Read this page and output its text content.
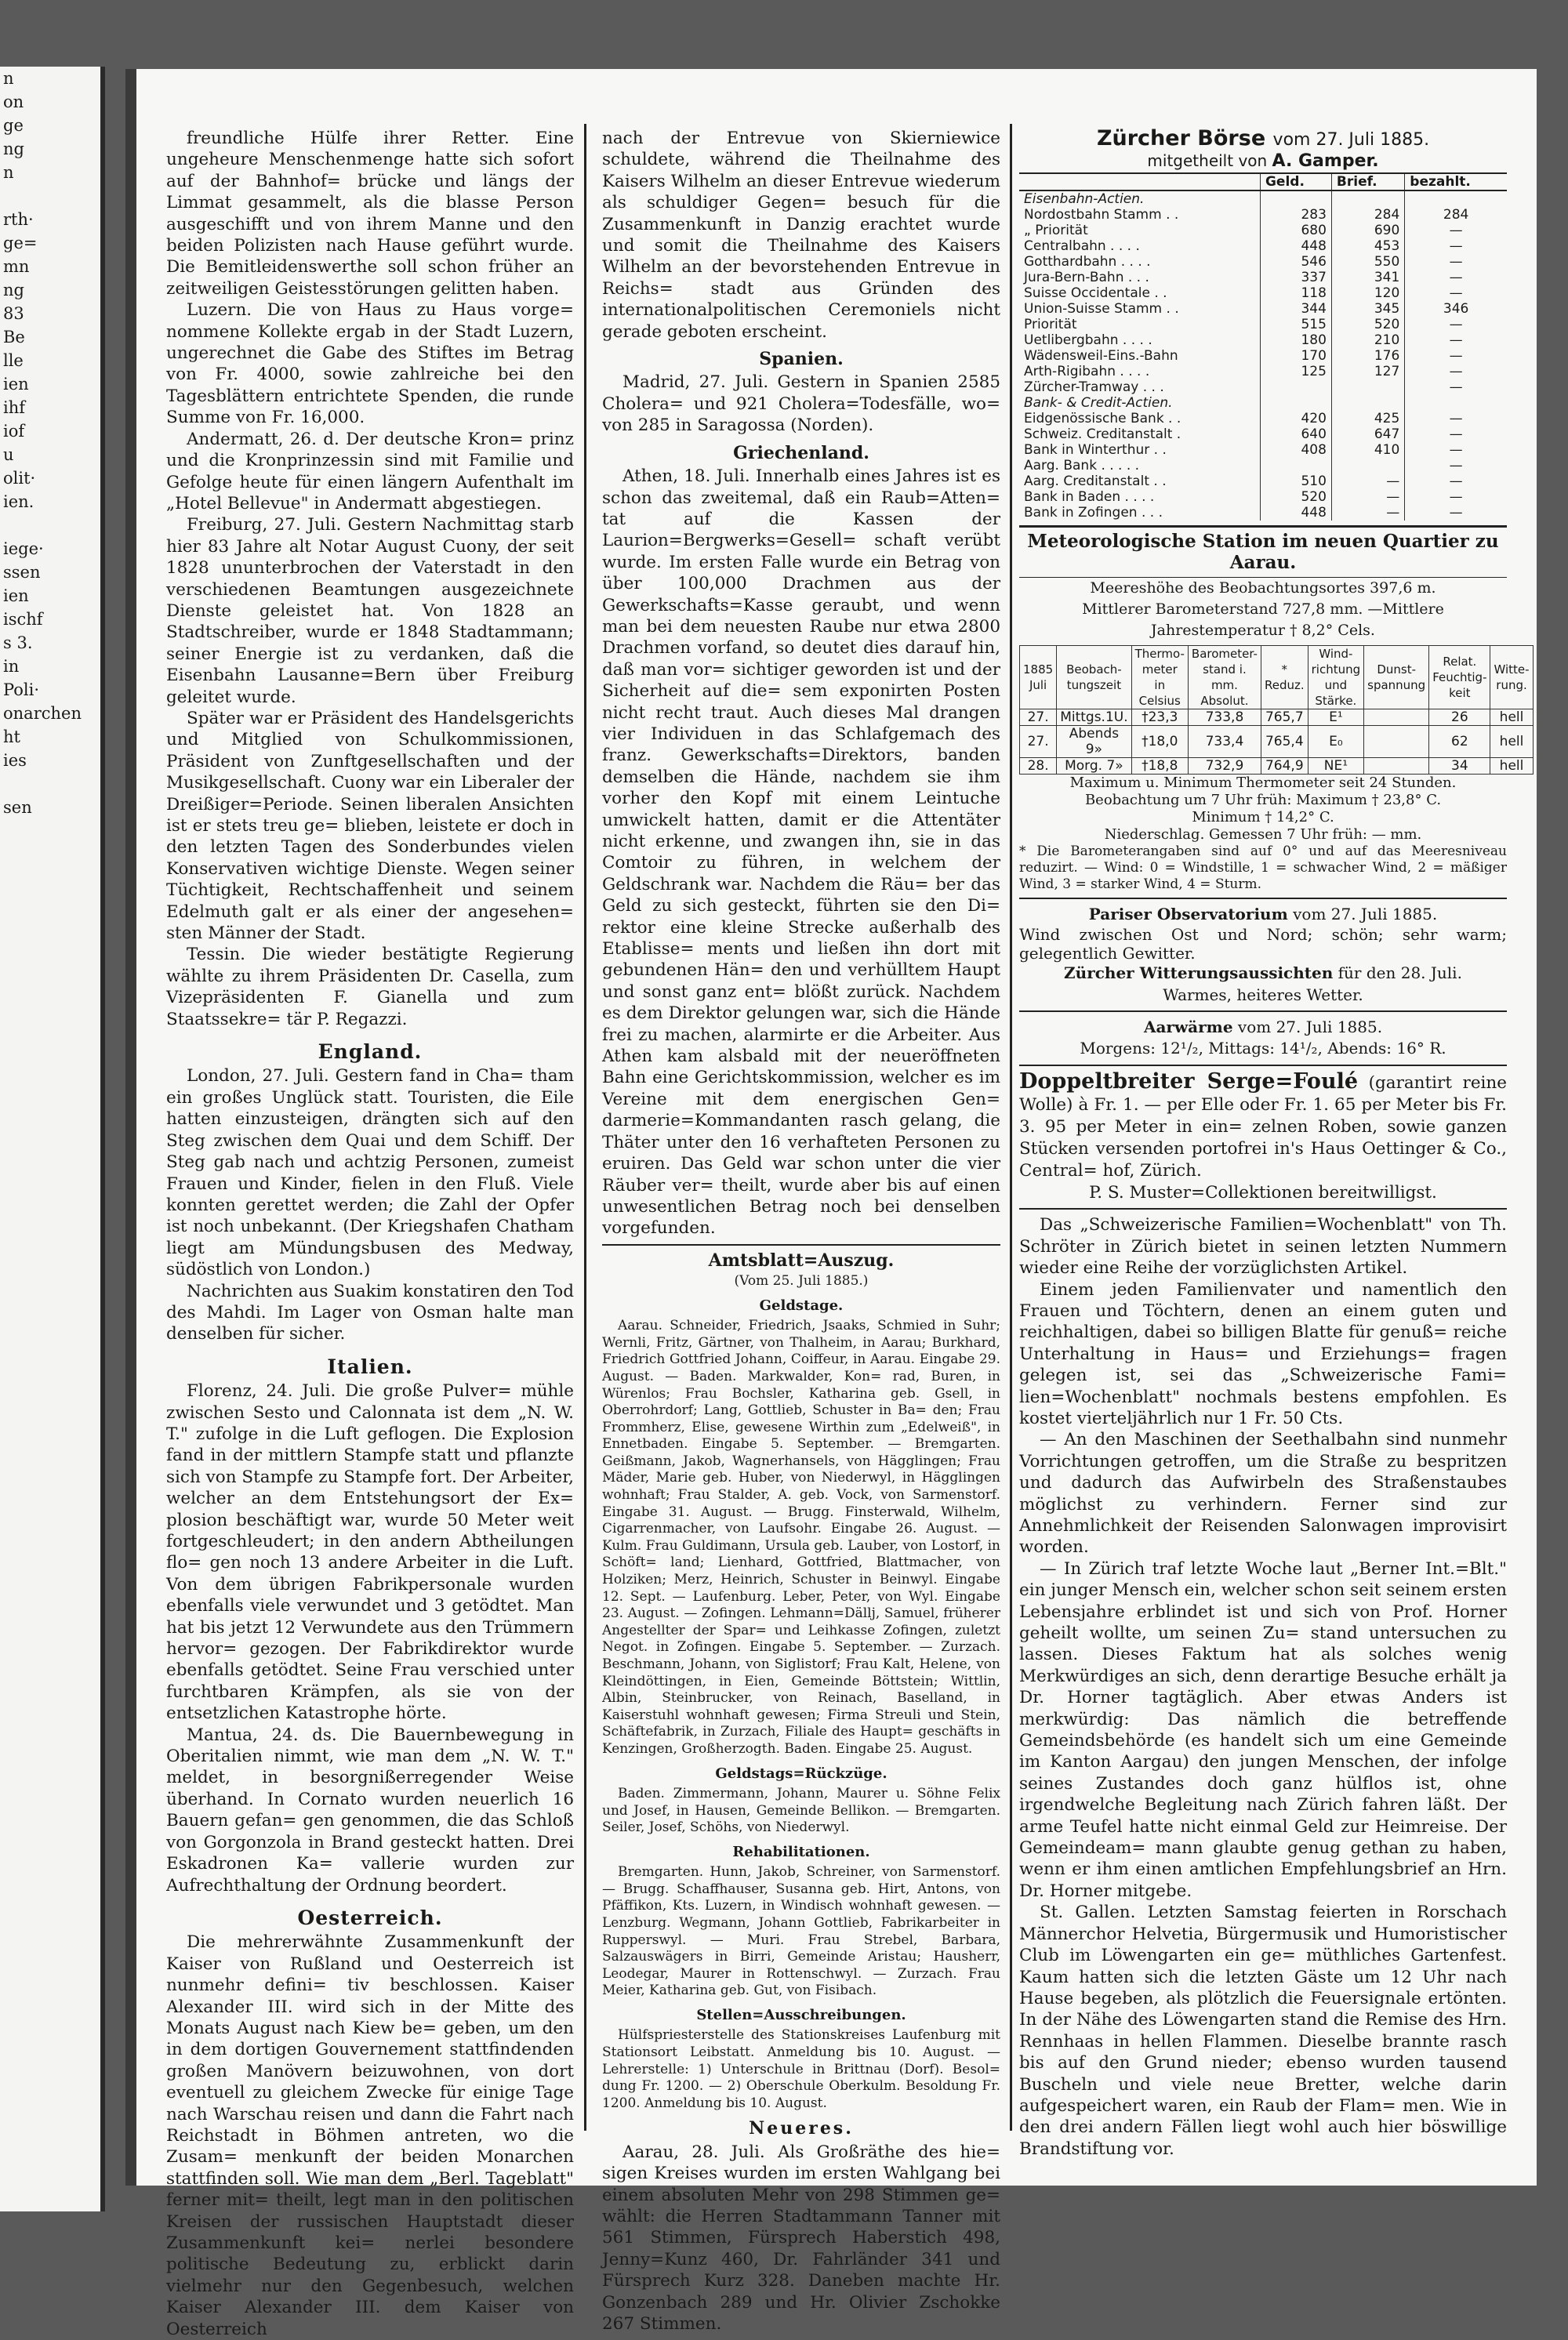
n
on
ge
ng
n

rth·
ge=
mn
ng
83
Be
lle
ien
ihf
iof
u
olit·
ien.

iege·
ssen
ien
ischf
s 3.
in
Poli·
onarchen
ht
ies

sen

freundliche Hülfe ihrer Retter. Eine ungeheure Menschenmenge hatte sich sofort auf der Bahnhof= brücke und längs der Limmat gesammelt, als die blasse Person ausgeschifft und von ihrem Manne und den beiden Polizisten nach Hause geführt wurde. Die Bemitleidenswerthe soll schon früher an zeitweiligen Geistesstörungen gelitten haben.

Luzern. Die von Haus zu Haus vorge= nommene Kollekte ergab in der Stadt Luzern, ungerechnet die Gabe des Stiftes im Betrag von Fr. 4000, sowie zahlreiche bei den Tagesblättern entrichtete Spenden, die runde Summe von Fr. 16,000.

Andermatt, 26. d. Der deutsche Kron= prinz und die Kronprinzessin sind mit Familie und Gefolge heute für einen längern Aufenthalt im „Hotel Bellevue" in Andermatt abgestiegen.

Freiburg, 27. Juli. Gestern Nachmittag starb hier 83 Jahre alt Notar August Cuony, der seit 1828 ununterbrochen der Vaterstadt in den verschiedenen Beamtungen ausgezeichnete Dienste geleistet hat. Von 1828 an Stadtschreiber, wurde er 1848 Stadtammann; seiner Energie ist zu verdanken, daß die Eisenbahn Lausanne=Bern über Freiburg geleitet wurde.

Später war er Präsident des Handelsgerichts und Mitglied von Schulkommissionen, Präsident von Zunftgesellschaften und der Musikgesellschaft. Cuony war ein Liberaler der Dreißiger=Periode. Seinen liberalen Ansichten ist er stets treu ge= blieben, leistete er doch in den letzten Tagen des Sonderbundes vielen Konservativen wichtige Dienste. Wegen seiner Tüchtigkeit, Rechtschaffenheit und seinem Edelmuth galt er als einer der angesehen= sten Männer der Stadt.

Tessin. Die wieder bestätigte Regierung wählte zu ihrem Präsidenten Dr. Casella, zum Vizepräsidenten F. Gianella und zum Staatssekre= tär P. Regazzi.

England.

London, 27. Juli. Gestern fand in Cha= tham ein großes Unglück statt. Touristen, die Eile hatten einzusteigen, drängten sich auf den Steg zwischen dem Quai und dem Schiff. Der Steg gab nach und achtzig Personen, zumeist Frauen und Kinder, fielen in den Fluß. Viele konnten gerettet werden; die Zahl der Opfer ist noch unbekannt. (Der Kriegshafen Chatham liegt am Mündungsbusen des Medway, südöstlich von London.)

Nachrichten aus Suakim konstatiren den Tod des Mahdi. Im Lager von Osman halte man denselben für sicher.

Italien.

Florenz, 24. Juli. Die große Pulver= mühle zwischen Sesto und Calonnata ist dem „N. W. T." zufolge in die Luft geflogen. Die Explosion fand in der mittlern Stampfe statt und pflanzte sich von Stampfe zu Stampfe fort. Der Arbeiter, welcher an dem Entstehungsort der Ex= plosion beschäftigt war, wurde 50 Meter weit fortgeschleudert; in den andern Abtheilungen flo= gen noch 13 andere Arbeiter in die Luft. Von dem übrigen Fabrikpersonale wurden ebenfalls viele verwundet und 3 getödtet. Man hat bis jetzt 12 Verwundete aus den Trümmern hervor= gezogen. Der Fabrikdirektor wurde ebenfalls getödtet. Seine Frau verschied unter furchtbaren Krämpfen, als sie von der entsetzlichen Katastrophe hörte.

Mantua, 24. ds. Die Bauernbewegung in Oberitalien nimmt, wie man dem „N. W. T." meldet, in besorgnißerregender Weise überhand. In Cornato wurden neuerlich 16 Bauern gefan= gen genommen, die das Schloß von Gorgonzola in Brand gesteckt hatten. Drei Eskadronen Ka= vallerie wurden zur Aufrechthaltung der Ordnung beordert.

Oesterreich.

Die mehrerwähnte Zusammenkunft der Kaiser von Rußland und Oesterreich ist nunmehr defini= tiv beschlossen. Kaiser Alexander III. wird sich in der Mitte des Monats August nach Kiew be= geben, um den in dem dortigen Gouvernement stattfindenden großen Manövern beizuwohnen, von dort eventuell zu gleichem Zwecke für einige Tage nach Warschau reisen und dann die Fahrt nach Reichstadt in Böhmen antreten, wo die Zusam= menkunft der beiden Monarchen stattfinden soll. Wie man dem „Berl. Tageblatt" ferner mit= theilt, legt man in den politischen Kreisen der russischen Hauptstadt dieser Zusammenkunft kei= nerlei besondere politische Bedeutung zu, erblickt darin vielmehr nur den Gegenbesuch, welchen Kaiser Alexander III. dem Kaiser von Oesterreich

nach der Entrevue von Skierniewice schuldete, während die Theilnahme des Kaisers Wilhelm an dieser Entrevue wiederum als schuldiger Gegen= besuch für die Zusammenkunft in Danzig erachtet wurde und somit die Theilnahme des Kaisers Wilhelm an der bevorstehenden Entrevue in Reichs= stadt aus Gründen des internationalpolitischen Ceremoniels nicht gerade geboten erscheint.

Spanien.

Madrid, 27. Juli. Gestern in Spanien 2585 Cholera= und 921 Cholera=Todesfälle, wo= von 285 in Saragossa (Norden).

Griechenland.

Athen, 18. Juli. Innerhalb eines Jahres ist es schon das zweitemal, daß ein Raub=Atten= tat auf die Kassen der Laurion=Bergwerks=Gesell= schaft verübt wurde. Im ersten Falle wurde ein Betrag von über 100,000 Drachmen aus der Gewerkschafts=Kasse geraubt, und wenn man bei dem neuesten Raube nur etwa 2800 Drachmen vorfand, so deutet dies darauf hin, daß man vor= sichtiger geworden ist und der Sicherheit auf die= sem exponirten Posten nicht recht traut. Auch dieses Mal drangen vier Individuen in das Schlafgemach des franz. Gewerkschafts=Direktors, banden demselben die Hände, nachdem sie ihm vorher den Kopf mit einem Leintuche umwickelt hatten, damit er die Attentäter nicht erkenne, und zwangen ihn, sie in das Comtoir zu führen, in welchem der Geldschrank war. Nachdem die Räu= ber das Geld zu sich gesteckt, führten sie den Di= rektor eine kleine Strecke außerhalb des Etablisse= ments und ließen ihn dort mit gebundenen Hän= den und verhülltem Haupt und sonst ganz ent= blößt zurück. Nachdem es dem Direktor gelungen war, sich die Hände frei zu machen, alarmirte er die Arbeiter. Aus Athen kam alsbald mit der neueröffneten Bahn eine Gerichtskommission, welcher es im Vereine mit dem energischen Gen= darmerie=Kommandanten rasch gelang, die Thäter unter den 16 verhafteten Personen zu eruiren. Das Geld war schon unter die vier Räuber ver= theilt, wurde aber bis auf einen unwesentlichen Betrag noch bei denselben vorgefunden.

Amtsblatt=Auszug.
(Vom 25. Juli 1885.)
Geldstage.

Aarau. Schneider, Friedrich, Jsaaks, Schmied in Suhr; Wernli, Fritz, Gärtner, von Thalheim, in Aarau; Burkhard, Friedrich Gottfried Johann, Coiffeur, in Aarau. Eingabe 29. August. — Baden. Markwalder, Kon= rad, Buren, in Würenlos; Frau Bochsler, Katharina geb. Gsell, in Oberrohrdorf; Lang, Gottlieb, Schuster in Ba= den; Frau Frommherz, Elise, gewesene Wirthin zum „Edelweiß", in Ennetbaden. Eingabe 5. September. — Bremgarten. Geißmann, Jakob, Wagnerhansels, von Hägglingen; Frau Mäder, Marie geb. Huber, von Niederwyl, in Hägglingen wohnhaft; Frau Stalder, A. geb. Vock, von Sarmenstorf. Eingabe 31. August. — Brugg. Finsterwald, Wilhelm, Cigarrenmacher, von Laufsohr. Eingabe 26. August. — Kulm. Frau Guldimann, Ursula geb. Lauber, von Lostorf, in Schöft= land; Lienhard, Gottfried, Blattmacher, von Holziken; Merz, Heinrich, Schuster in Beinwyl. Eingabe 12. Sept. — Laufenburg. Leber, Peter, von Wyl. Eingabe 23. August. — Zofingen. Lehmann=Dällj, Samuel, früherer Angestellter der Spar= und Leihkasse Zofingen, zuletzt Negot. in Zofingen. Eingabe 5. September. — Zurzach. Beschmann, Johann, von Siglistorf; Frau Kalt, Helene, von Kleindöttingen, in Eien, Gemeinde Böttstein; Wittlin, Albin, Steinbrucker, von Reinach, Baselland, in Kaiserstuhl wohnhaft gewesen; Firma Streuli und Stein, Schäftefabrik, in Zurzach, Filiale des Haupt= geschäfts in Kenzingen, Großherzogth. Baden. Eingabe 25. August.

Geldstags=Rückzüge.

Baden. Zimmermann, Johann, Maurer u. Söhne Felix und Josef, in Hausen, Gemeinde Bellikon. — Bremgarten. Seiler, Josef, Schöhs, von Niederwyl.

Rehabilitationen.

Bremgarten. Hunn, Jakob, Schreiner, von Sarmenstorf. — Brugg. Schaffhauser, Susanna geb. Hirt, Antons, von Pfäffikon, Kts. Luzern, in Windisch wohnhaft gewesen. — Lenzburg. Wegmann, Johann Gottlieb, Fabrikarbeiter in Rupperswyl. — Muri. Frau Strebel, Barbara, Salzauswägers in Birri, Gemeinde Aristau; Hausherr, Leodegar, Maurer in Rottenschwyl. — Zurzach. Frau Meier, Katharina geb. Gut, von Fisibach.

Stellen=Ausschreibungen.

Hülfspriesterstelle des Stationskreises Laufenburg mit Stationsort Leibstatt. Anmeldung bis 10. August. — Lehrerstelle: 1) Unterschule in Brittnau (Dorf). Besol= dung Fr. 1200. — 2) Oberschule Oberkulm. Besoldung Fr. 1200. Anmeldung bis 10. August.

Neueres.

Aarau, 28. Juli. Als Großräthe des hie= sigen Kreises wurden im ersten Wahlgang bei einem absoluten Mehr von 298 Stimmen ge= wählt: die Herren Stadtammann Tanner mit 561 Stimmen, Fürsprech Haberstich 498, Jenny=Kunz 460, Dr. Fahrländer 341 und Fürsprech Kurz 328. Daneben machte Hr. Gonzenbach 289 und Hr. Olivier Zschokke 267 Stimmen.

Zürcher Börse vom 27. Juli 1885.
mitgetheilt von A. Gamper.
	Geld.	Brief.	bezahlt.
Eisenbahn-Actien.			
Nordostbahn Stamm . .	283	284	284
„ Priorität	680	690	—
Centralbahn . . . .	448	453	—
Gotthardbahn . . . .	546	550	—
Jura-Bern-Bahn . . .	337	341	—
Suisse Occidentale . .	118	120	—
Union-Suisse Stamm . .	344	345	346
Priorität	515	520	—
Uetlibergbahn . . . .	180	210	—
Wädensweil-Eins.-Bahn	170	176	—
Arth-Rigibahn . . . .	125	127	—
Zürcher-Tramway . . .			—
Bank- & Credit-Actien.			
Eidgenössische Bank . .	420	425	—
Schweiz. Creditanstalt .	640	647	—
Bank in Winterthur . .	408	410	—
Aarg. Bank . . . . .			—
Aarg. Creditanstalt . .	510	—	—
Bank in Baden . . . .	520	—	—
Bank in Zofingen . . .	448	—	—
Meteorologische Station im neuen Quartier zu Aarau.
Meereshöhe des Beobachtungsortes 397,6 m.
Mittlerer Barometerstand 727,8 mm. —Mittlere Jahrestemperatur † 8,2° Cels.
1885 Juli	Beobach- tungszeit	Thermo- meter in Celsius	Barometer- stand i. mm. Absolut.	* Reduz.	Wind- richtung und Stärke.	Dunst- spannung	Relat. Feuchtig- keit	Witte- rung.
27.	Mittgs.1U.	†23,3	733,8	765,7	E¹		26	hell
27.	Abends 9»	†18,0	733,4	765,4	E₀		62	hell
28.	Morg. 7»	†18,8	732,9	764,9	NE¹		34	hell
Maximum u. Minimum Thermometer seit 24 Stunden.
Beobachtung um 7 Uhr früh: Maximum † 23,8° C.
Minimum † 14,2° C.
Niederschlag. Gemessen 7 Uhr früh: — mm.
* Die Barometerangaben sind auf 0° und auf das Meeresniveau reduzirt. — Wind: 0 = Windstille, 1 = schwacher Wind, 2 = mäßiger Wind, 3 = starker Wind, 4 = Sturm.
Pariser Observatorium vom 27. Juli 1885.
Wind zwischen Ost und Nord; schön; sehr warm; gelegentlich Gewitter.
Zürcher Witterungsaussichten für den 28. Juli.
Warmes, heiteres Wetter.
Aarwärme vom 27. Juli 1885.
Morgens: 12¹/₂, Mittags: 14¹/₂, Abends: 16° R.
Doppeltbreiter Serge=Foulé (garantirt reine Wolle) à Fr. 1. — per Elle oder Fr. 1. 65 per Meter bis Fr. 3. 95 per Meter in ein= zelnen Roben, sowie ganzen Stücken versenden portofrei in's Haus Oettinger & Co., Central= hof, Zürich.
P. S. Muster=Collektionen bereitwilligst.

Das „Schweizerische Familien=Wochenblatt" von Th. Schröter in Zürich bietet in seinen letzten Nummern wieder eine Reihe der vorzüglichsten Artikel.

Einem jeden Familienvater und namentlich den Frauen und Töchtern, denen an einem guten und reichhaltigen, dabei so billigen Blatte für genuß= reiche Unterhaltung in Haus= und Erziehungs= fragen gelegen ist, sei das „Schweizerische Fami= lien=Wochenblatt" nochmals bestens empfohlen. Es kostet vierteljährlich nur 1 Fr. 50 Cts.

— An den Maschinen der Seethalbahn sind nunmehr Vorrichtungen getroffen, um die Straße zu bespritzen und dadurch das Aufwirbeln des Straßenstaubes möglichst zu verhindern. Ferner sind zur Annehmlichkeit der Reisenden Salonwagen improvisirt worden.

— In Zürich traf letzte Woche laut „Berner Int.=Blt." ein junger Mensch ein, welcher schon seit seinem ersten Lebensjahre erblindet ist und sich von Prof. Horner geheilt wollte, um seinen Zu= stand untersuchen zu lassen. Dieses Faktum hat als solches wenig Merkwürdiges an sich, denn derartige Besuche erhält ja Dr. Horner tagtäglich. Aber etwas Anders ist merkwürdig: Das nämlich die betreffende Gemeindsbehörde (es handelt sich um eine Gemeinde im Kanton Aargau) den jungen Menschen, der infolge seines Zustandes doch ganz hülflos ist, ohne irgendwelche Begleitung nach Zürich fahren läßt. Der arme Teufel hatte nicht einmal Geld zur Heimreise. Der Gemeindeam= mann glaubte genug gethan zu haben, wenn er ihm einen amtlichen Empfehlungsbrief an Hrn. Dr. Horner mitgebe.

St. Gallen. Letzten Samstag feierten in Rorschach Männerchor Helvetia, Bürgermusik und Humoristischer Club im Löwengarten ein ge= müthliches Gartenfest. Kaum hatten sich die letzten Gäste um 12 Uhr nach Hause begeben, als plötzlich die Feuersignale ertönten. In der Nähe des Löwengarten stand die Remise des Hrn. Rennhaas in hellen Flammen. Dieselbe brannte rasch bis auf den Grund nieder; ebenso wurden tausend Buscheln und viele neue Bretter, welche darin aufgespeichert waren, ein Raub der Flam= men. Wie in den drei andern Fällen liegt wohl auch hier böswillige Brandstiftung vor.
